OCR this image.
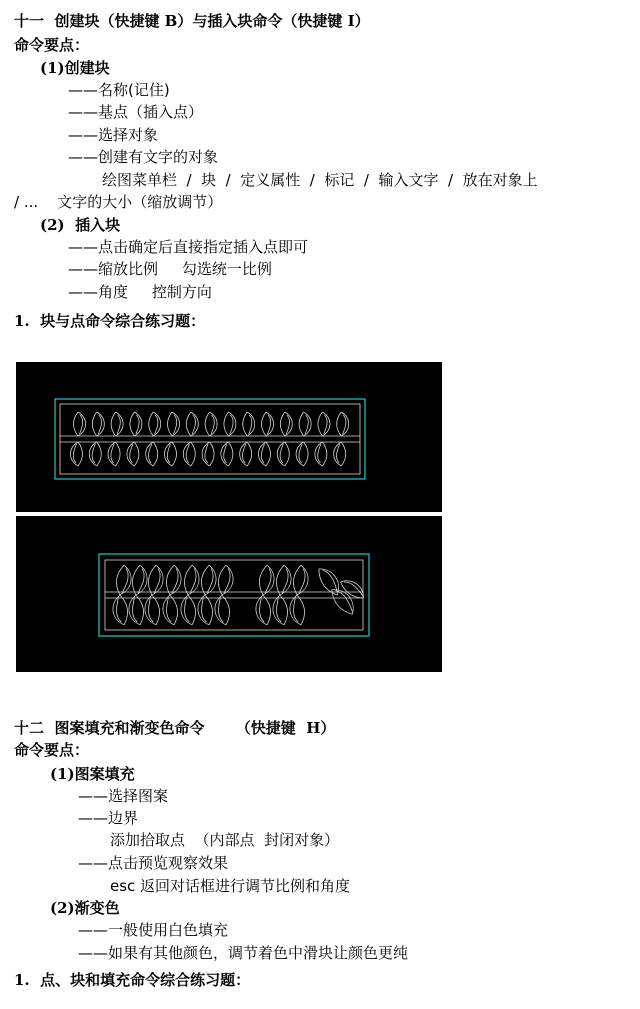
十一  创建块（快捷键 B）与插入块命令（快捷键 I）
命令要点：
(1)创建块
——名称(记住)
——基点（插入点）
——选择对象
——创建有文字的对象
绘图菜单栏  /  块  /  定义属性  /  标记  /  输入文字  /  放在对象上
/ ...    文字的大小（缩放调节）
(2)  插入块
——点击确定后直接指定插入点即可
——缩放比例     勾选统一比例
——角度     控制方向
1.  块与点命令综合练习题：
十二  图案填充和渐变色命令      （快捷键  H）
命令要点：
(1)图案填充
——选择图案
——边界
添加拾取点  （内部点  封闭对象）
——点击预览观察效果
esc 返回对话框进行调节比例和角度
(2)渐变色
——一般使用白色填充
——如果有其他颜色，调节着色中滑块让颜色更纯
1.  点、块和填充命令综合练习题：
